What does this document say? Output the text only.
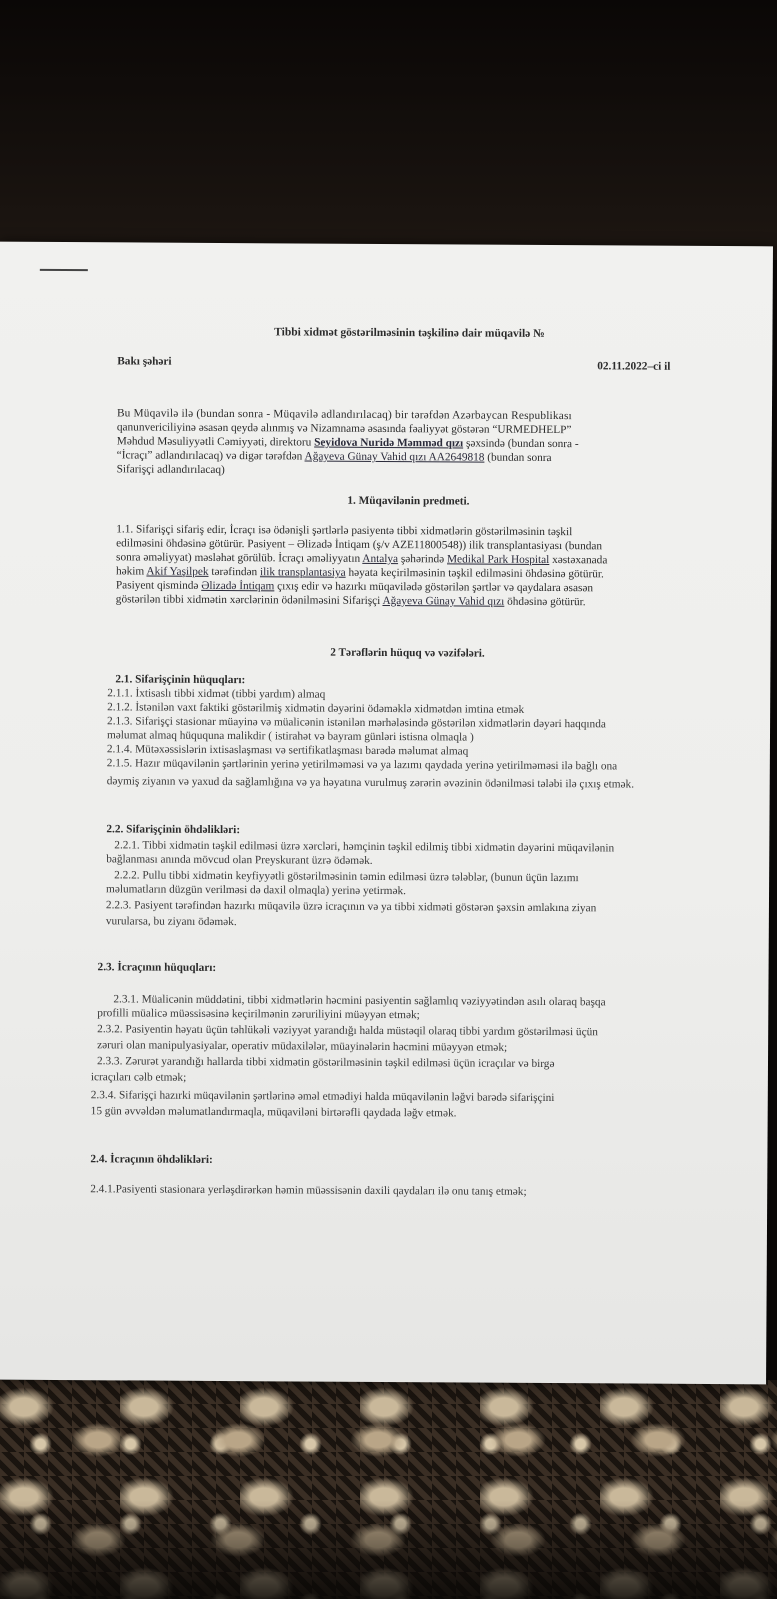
Tibbi xidmət göstərilməsinin təşkilinə dair müqavilə №
Bakı şəhəri	02.11.2022–ci il
Bu Müqavilə ilə (bundan sonra - Müqavilə adlandırılacaq) bir tərəfdən Azərbaycan Respublikası
qanunvericiliyinə əsasən qeydə alınmış və Nizamnamə əsasında fəaliyyət göstərən “URMEDHELP”
Məhdud Məsuliyyətli Cəmiyyəti, direktoru Seyidova Nuridə Məmməd qızı şəxsində (bundan sonra -
“İcraçı” adlandırılacaq) və digər tərəfdən Ağayeva Günay Vahid qızı AA2649818 (bundan sonra
Sifarişçi adlandırılacaq)
1. Müqavilənin predmeti.
1.1. Sifarişçi sifariş edir, İcraçı isə ödənişli şərtlərlə pasiyentə tibbi xidmətlərin göstərilməsinin təşkil
edilməsini öhdəsinə götürür. Pasiyent – Əlizadə İntiqam (ş/v AZE11800548)) ilik transplantasiyası (bundan
sonra əməliyyat) məsləhət görülüb. İcraçı əməliyyatın Antalya şəhərində Medikal Park Hospital xəstəxanada
həkim Akif Yaşilpek tərəfindən ilik transplantasiya həyata keçirilməsinin təşkil edilməsini öhdəsinə götürür.
Pasiyent qismində Əlizadə İntiqam çıxış edir və hazırkı müqavilədə göstərilən şərtlər və qaydalara əsasən
göstərilən tibbi xidmətin xərclərinin ödənilməsini Sifarişçi Ağayeva Günay Vahid qızı öhdəsinə götürür.
2 Tərəflərin hüquq və vəzifələri.
2.1. Sifarişçinin hüquqları:
2.1.1. İxtisaslı tibbi xidmət (tibbi yardım) almaq
2.1.2. İstənilən vaxt faktiki göstərilmiş xidmətin dəyərini ödəməklə xidmətdən imtina etmək
2.1.3. Sifarişçi stasionar müayinə və müalicənin istənilən mərhələsində göstərilən xidmətlərin dəyəri haqqında
məlumat almaq hüququna malikdir ( istirahət və bayram günləri istisna olmaqla )
2.1.4. Mütəxəssislərin ixtisaslaşması və sertifikatlaşması barədə məlumat almaq
2.1.5. Hazır müqavilənin şərtlərinin yerinə yetirilməməsi və ya lazımı qaydada yerinə yetirilməməsi ilə bağlı ona
dəymiş ziyanın və yaxud da sağlamlığına və ya həyatına vurulmuş zərərin əvəzinin ödənilməsi tələbi ilə çıxış etmək.
2.2. Sifarişçinin öhdəlikləri:
2.2.1. Tibbi xidmətin təşkil edilməsi üzrə xərcləri, həmçinin təşkil edilmiş tibbi xidmətin dəyərini müqavilənin
bağlanması anında mövcud olan Preyskurant üzrə ödəmək.
2.2.2. Pullu tibbi xidmətin keyfiyyətli göstərilməsinin təmin edilməsi üzrə tələblər, (bunun üçün lazımı
məlumatların düzgün verilməsi də daxil olmaqla) yerinə yetirmək.
2.2.3. Pasiyent tərəfindən hazırkı müqavilə üzrə icraçının və ya tibbi xidməti göstərən şəxsin əmlakına ziyan
vurularsa, bu ziyanı ödəmək.
2.3. İcraçının hüquqları:
2.3.1. Müalicənin müddətini, tibbi xidmətlərin həcmini pasiyentin sağlamlıq vəziyyətindən asılı olaraq başqa
profilli müalicə müəssisəsinə keçirilmənin zəruriliyini müəyyən etmək;
2.3.2. Pasiyentin həyatı üçün təhlükəli vəziyyət yarandığı halda müstəqil olaraq tibbi yardım göstərilməsi üçün
zəruri olan manipulyasiyalar, operativ müdaxilələr, müayinələrin həcmini müəyyən etmək;
2.3.3. Zərurət yarandığı hallarda tibbi xidmətin göstərilməsinin təşkil edilməsi üçün icraçılar və birgə
icraçıları cəlb etmək;
2.3.4. Sifarişçi hazırki müqavilənin şərtlərinə əməl etmədiyi halda müqavilənin ləğvi barədə sifarişçini
15 gün əvvəldən məlumatlandırmaqla, müqaviləni birtərəfli qaydada ləğv etmək.
2.4. İcraçının öhdəlikləri:
2.4.1.Pasiyenti stasionara yerləşdirərkən həmin müəssisənin daxili qaydaları ilə onu tanış etmək;
